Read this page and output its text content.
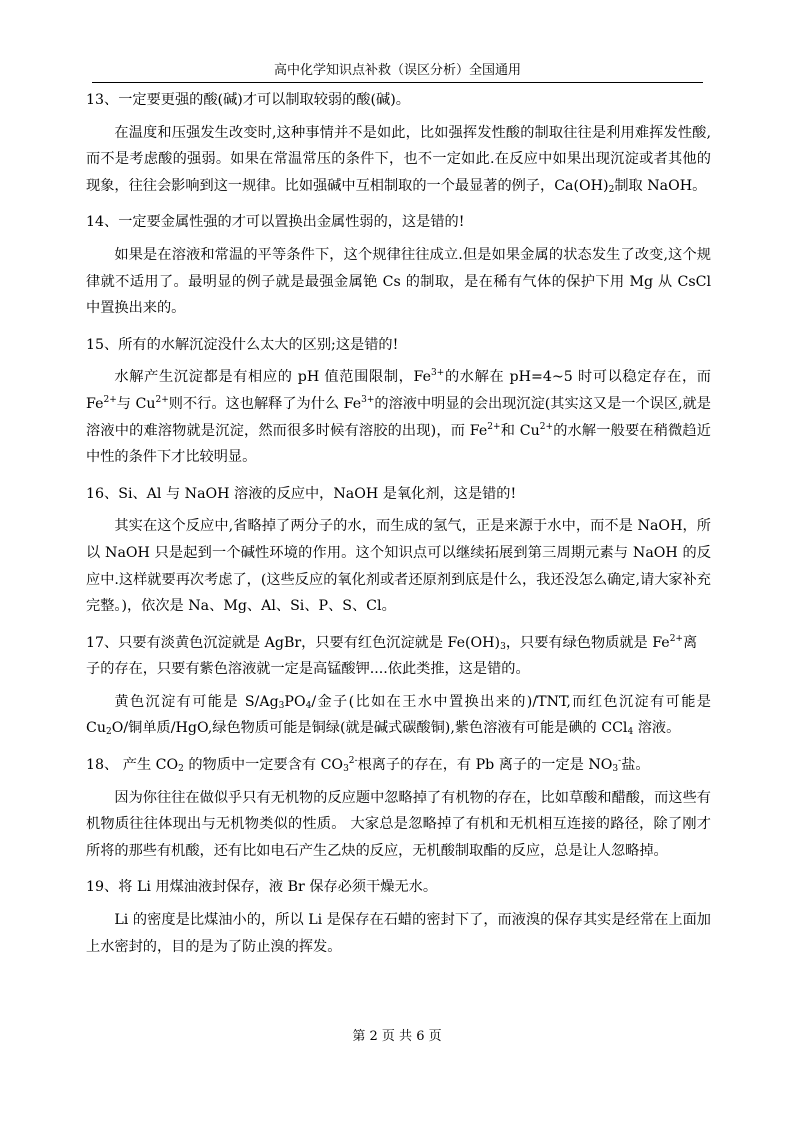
高中化学知识点补救（误区分析）全国通用

13、一定要更强的酸(碱)才可以制取较弱的酸(碱)。

在温度和压强发生改变时,这种事情并不是如此，比如强挥发性酸的制取往往是利用难挥发性酸,而不是考虑酸的强弱。如果在常温常压的条件下，也不一定如此.在反应中如果出现沉淀或者其他的现象，往往会影响到这一规律。比如强碱中互相制取的一个最显著的例子，$Ca(OH)_2$制取 NaOH。

14、一定要金属性强的才可以置换出金属性弱的，这是错的!

如果是在溶液和常温的平等条件下，这个规律往往成立.但是如果金属的状态发生了改变,这个规律就不适用了。最明显的例子就是最强金属铯 Cs 的制取，是在稀有气体的保护下用 Mg 从 CsCl 中置换出来的。

15、所有的水解沉淀没什么太大的区别;这是错的!

水解产生沉淀都是有相应的 pH 值范围限制，$Fe^{3+}$的水解在 pH=4~5 时可以稳定存在，而 $Fe^{2+}$与 $Cu^{2+}$则不行。这也解释了为什么 $Fe^{3+}$的溶液中明显的会出现沉淀(其实这又是一个误区,就是溶液中的难溶物就是沉淀，然而很多时候有溶胶的出现)，而 $Fe^{2+}$和 $Cu^{2+}$的水解一般要在稍微趋近中性的条件下才比较明显。

16、Si、Al 与 NaOH 溶液的反应中，NaOH 是氧化剂，这是错的!

其实在这个反应中,省略掉了两分子的水，而生成的氢气，正是来源于水中，而不是 NaOH，所以 NaOH 只是起到一个碱性环境的作用。这个知识点可以继续拓展到第三周期元素与 NaOH 的反应中.这样就要再次考虑了，(这些反应的氧化剂或者还原剂到底是什么，我还没怎么确定,请大家补充完整。)，依次是 Na、Mg、Al、Si、P、S、Cl。

17、只要有淡黄色沉淀就是 AgBr，只要有红色沉淀就是 $Fe(OH)_3$，只要有绿色物质就是 $Fe^{2+}$离子的存在，只要有紫色溶液就一定是高锰酸钾....依此类推，这是错的。

黄色沉淀有可能是 $S/Ag_3PO_4/$金子(比如在王水中置换出来的)/TNT,而红色沉淀有可能是 $Cu_2O/$铜单质/HgO,绿色物质可能是铜绿(就是碱式碳酸铜),紫色溶液有可能是碘的 CCl$_4$ 溶液。

18、 产生 $CO_2$ 的物质中一定要含有 $CO_3^{2-}$根离子的存在，有 Pb 离子的一定是 $NO_3^-$盐。

因为你往往在做似乎只有无机物的反应题中忽略掉了有机物的存在，比如草酸和醋酸，而这些有机物质往往体现出与无机物类似的性质。 大家总是忽略掉了有机和无机相互连接的路径，除了刚才所将的那些有机酸，还有比如电石产生乙炔的反应，无机酸制取酯的反应，总是让人忽略掉。

19、将 Li 用煤油液封保存，液 Br 保存必须干燥无水。

Li 的密度是比煤油小的，所以 Li 是保存在石蜡的密封下了，而液溴的保存其实是经常在上面加上水密封的，目的是为了防止溴的挥发。

第 2 页 共 6 页
